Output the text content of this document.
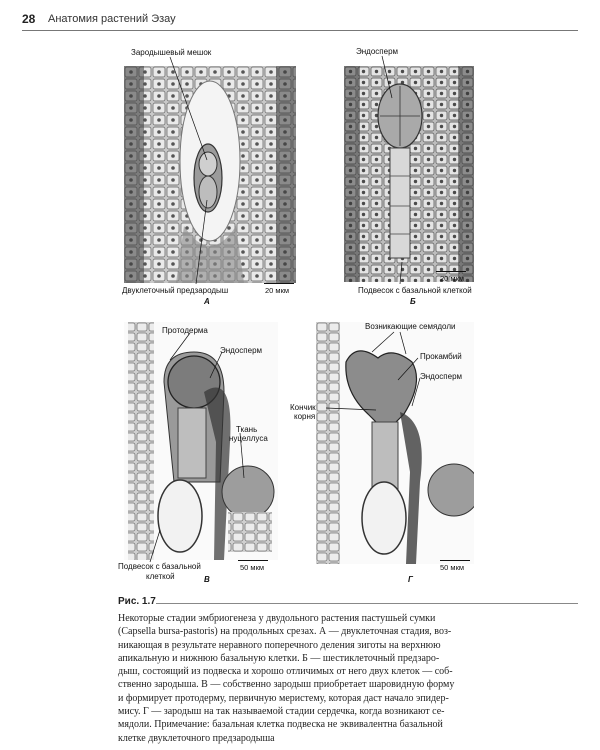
28 Анатомия растений Эзау
Зародышевый мешок
Двуклеточный предзародыш	20 мкм
А
Эндосперм
20 мкм
Подвесок с базальной клеткой
Б
Протодерма
Эндосперм
Ткань
нуцеллуса
Подвесок с базальной
клеткой
50 мкм
В
Возникающие семядоли
Прокамбий
Эндосперм
Кончик
корня
50 мкм
Г
Рис. 1.7
Некоторые стадии эмбриогенеза у двудольного растения пастушьей сумки
(Capsella bursa-pastoris) на продольных срезах. А — двуклеточная стадия, воз-
никающая в результате неравного поперечного деления зиготы на верхнюю
апикальную и нижнюю базальную клетки. Б — шестиклеточный предзаро-
дыш, состоящий из подвеска и хорошо отличимых от него двух клеток — соб-
ственно зародыша. В — собственно зародыш приобретает шаровидную форму
и формирует протодерму, первичную меристему, которая даст начало эпидер-
мису. Г — зародыш на так называемой стадии сердечка, когда возникают се-
мядоли. Примечание: базальная клетка подвеска не эквивалентна базальной
клетке двуклеточного предзародыша
